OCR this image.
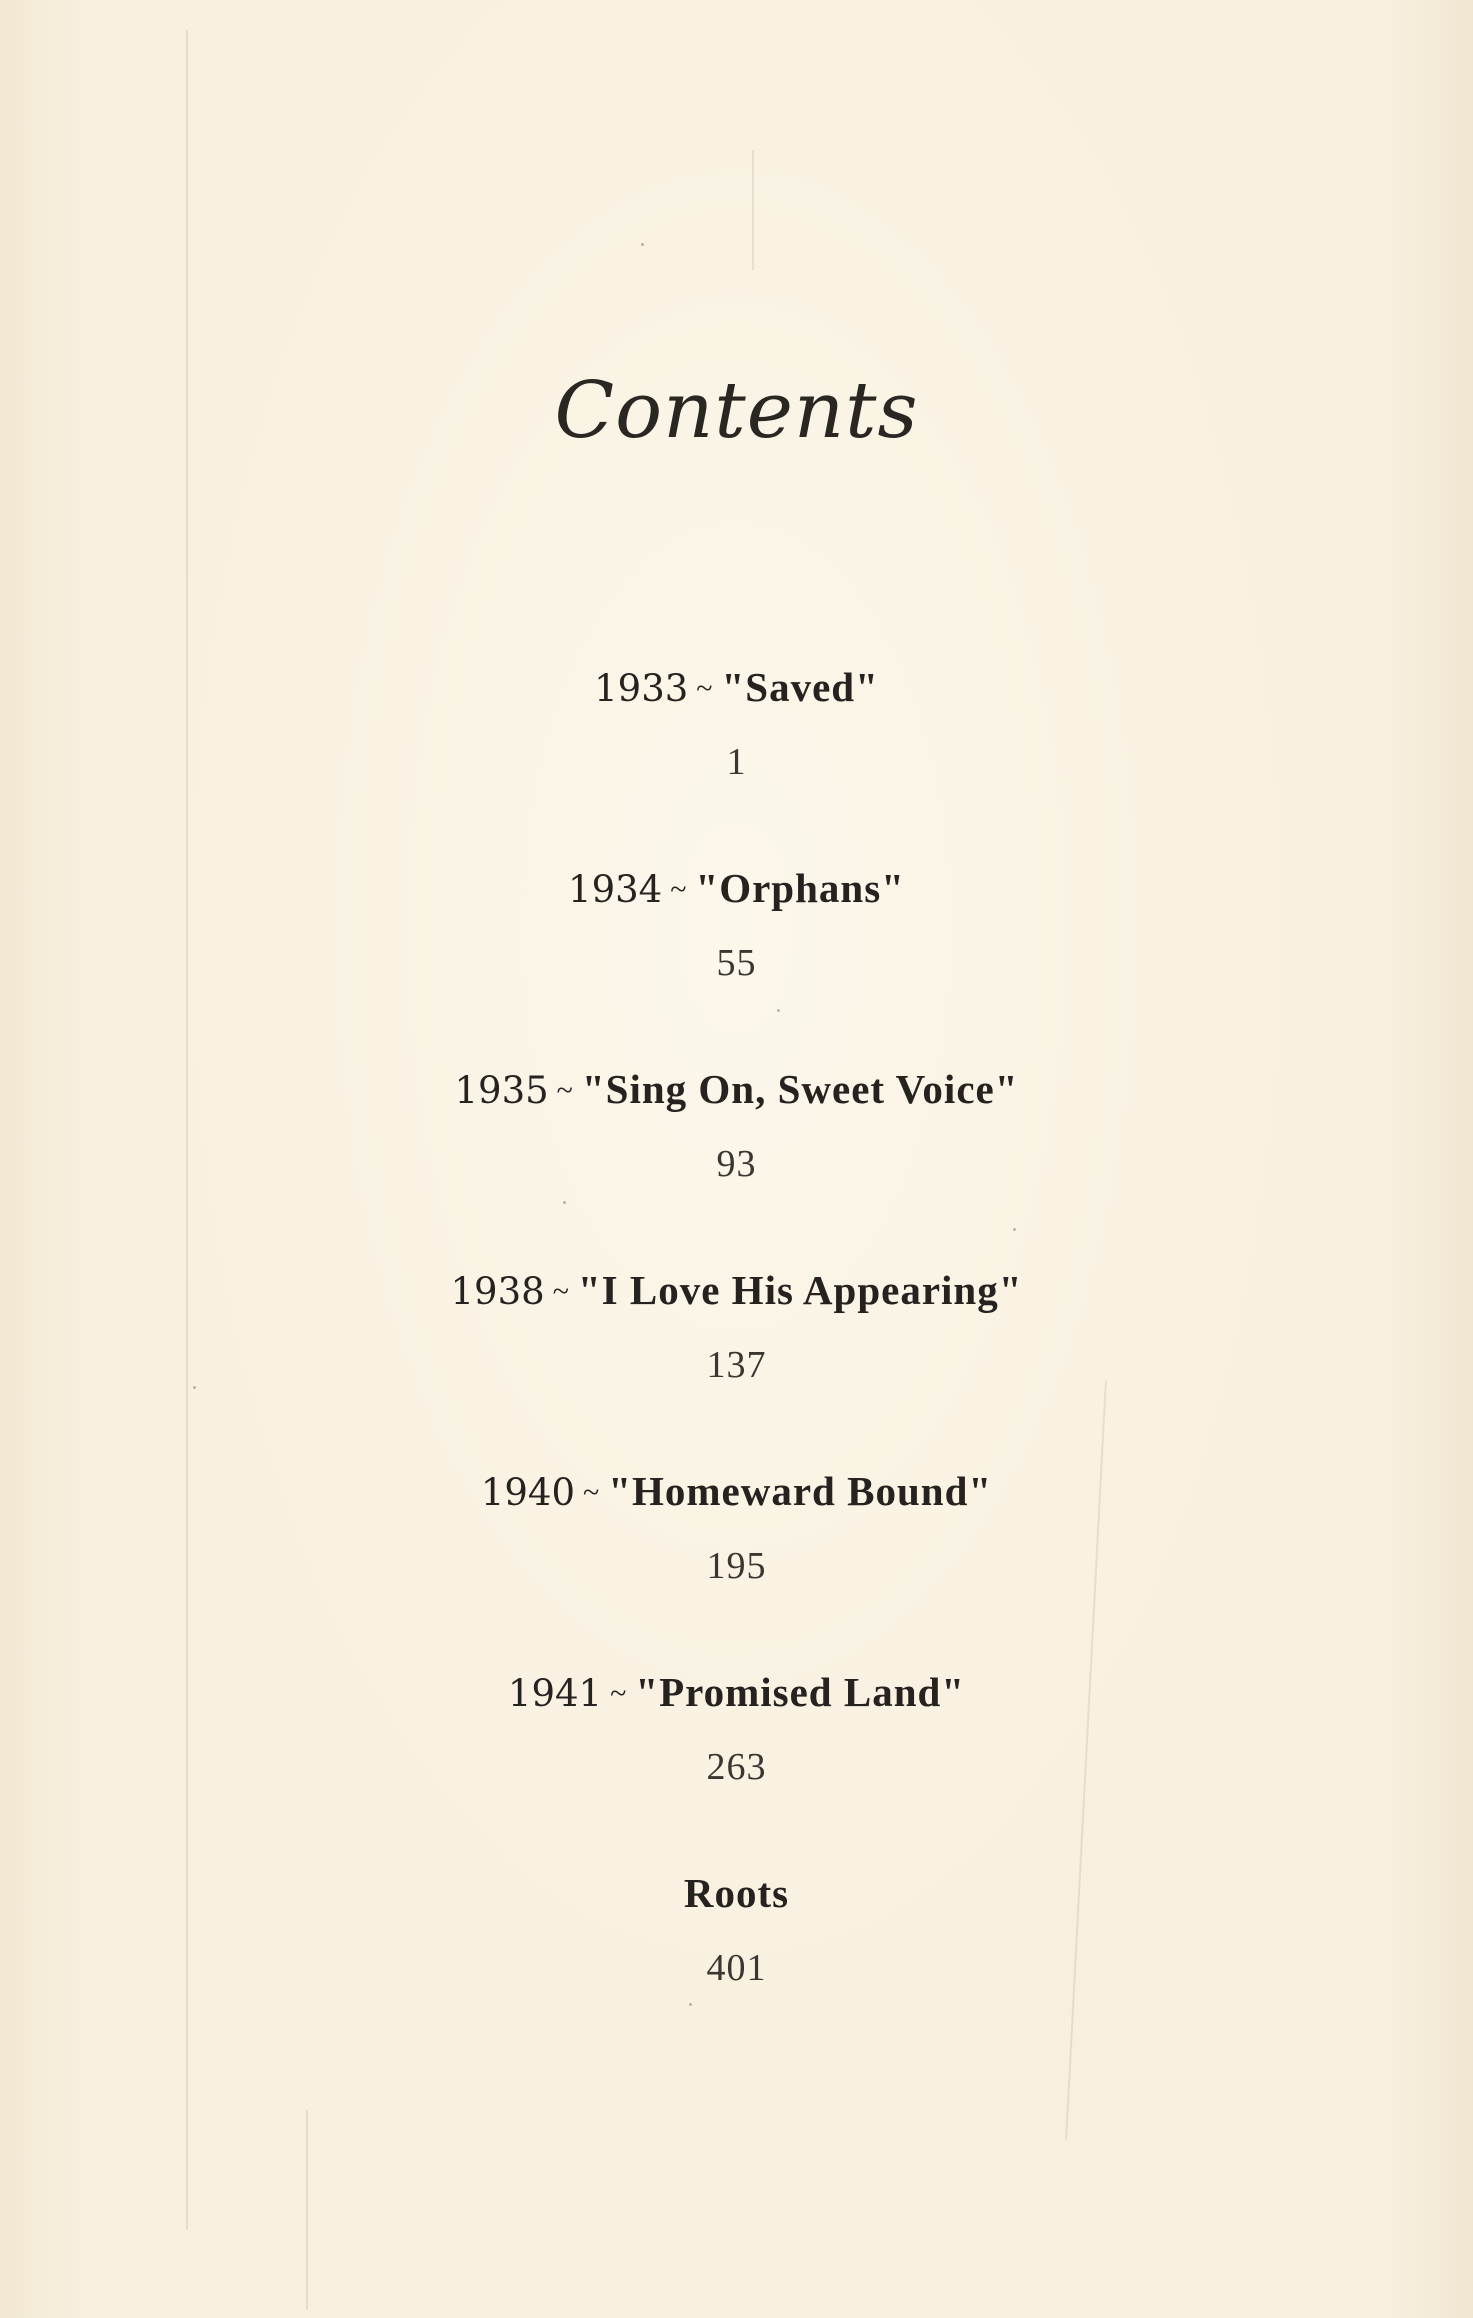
Contents
1933 ~ "Saved"
1
1934 ~ "Orphans"
55
1935 ~ "Sing On, Sweet Voice"
93
1938 ~ "I Love His Appearing"
137
1940 ~ "Homeward Bound"
195
1941 ~ "Promised Land"
263
Roots
401
